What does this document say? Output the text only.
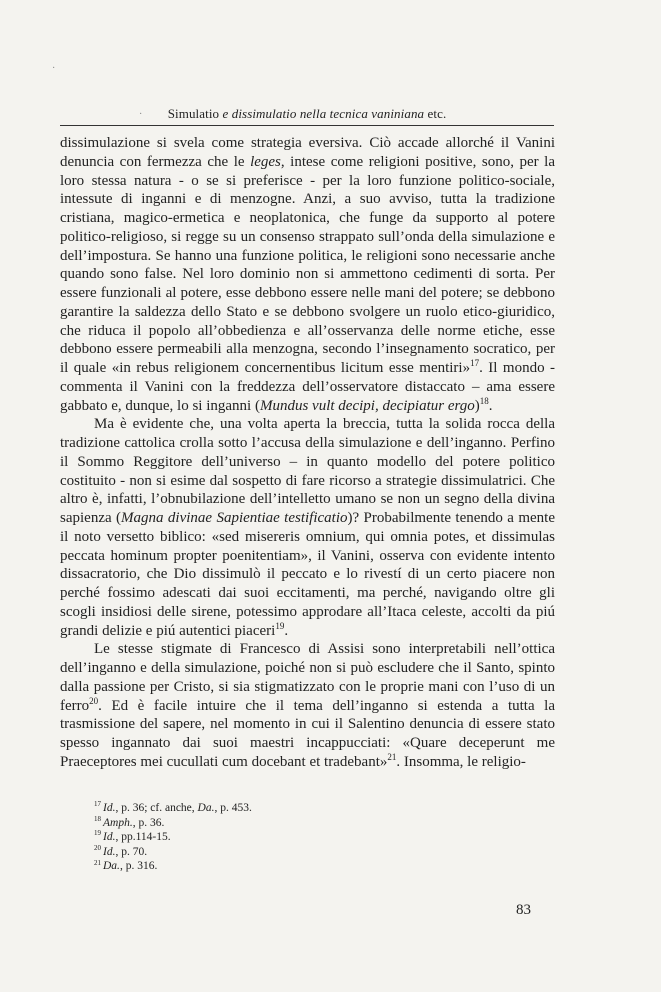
·
·	Simulatio e dissimulatio nella tecnica vaniniana etc.

dissimulazione si svela come strategia eversiva. Ciò accade allorché il Vanini denuncia con fermezza che le leges, intese come religioni positive, sono, per la loro stessa natura - o se si preferisce - per la loro funzione politico-sociale, intessute di inganni e di menzogne. Anzi, a suo avviso, tutta la tradizione cristiana, magico-ermetica e neoplatonica, che funge da supporto al potere politico-religioso, si regge su un consenso strappato sull’onda della simulazione e dell’impostura. Se hanno una funzione politica, le religioni sono necessarie anche quando sono false. Nel loro dominio non si ammettono cedimenti di sorta. Per essere funzionali al potere, esse debbono essere nelle mani del potere; se debbono garantire la saldezza dello Stato e se debbono svolgere un ruolo etico-giuridico, che riduca il popolo all’obbedienza e all’osservanza delle norme etiche, esse debbono essere permeabili alla menzogna, secondo l’insegnamento socratico, per il quale «in rebus religionem concernentibus licitum esse mentiri»$^{17}$. Il mondo - commenta il Vanini con la freddezza dell’osservatore distaccato – ama essere gabbato e, dunque, lo si inganni (Mundus vult decipi, decipiatur ergo)$^{18}$.

Ma è evidente che, una volta aperta la breccia, tutta la solida rocca della tradizione cattolica crolla sotto l’accusa della simulazione e dell’inganno. Perfino il Sommo Reggitore dell’universo – in quanto modello del potere politico costituito - non si esime dal sospetto di fare ricorso a strategie dissimulatrici. Che altro è, infatti, l’obnubilazione dell’intelletto umano se non un segno della divina sapienza (Magna divinae Sapientiae testificatio)? Probabilmente tenendo a mente il noto versetto biblico: «sed misereris omnium, qui omnia potes, et dissimulas peccata hominum propter poenitentiam», il Vanini, osserva con evidente intento dissacratorio, che Dio dissimulò il peccato e lo rivestí di un certo piacere non perché fossimo adescati dai suoi eccitamenti, ma perché, navigando oltre gli scogli insidiosi delle sirene, potessimo approdare all’Itaca celeste, accolti da piú grandi delizie e piú autentici piaceri$^{19}$.

Le stesse stigmate di Francesco di Assisi sono interpretabili nell’ottica dell’inganno e della simulazione, poiché non si può escludere che il Santo, spinto dalla passione per Cristo, si sia stigmatizzato con le proprie mani con l’uso di un ferro$^{20}$. Ed è facile intuire che il tema dell’inganno si estenda a tutta la trasmissione del sapere, nel momento in cui il Salentino denuncia di essere stato spesso ingannato dai suoi maestri incappucciati: «Quare deceperunt me Praeceptores mei cucullati cum docebant et tradebant»$^{21}$. Insomma, le religio-

$^{17}$ Id., p. 36; cf. anche, Da., p. 453.
$^{18}$ Amph., p. 36.
$^{19}$ Id., pp.114-15.
$^{20}$ Id., p. 70.
$^{21}$ Da., p. 316.
83
